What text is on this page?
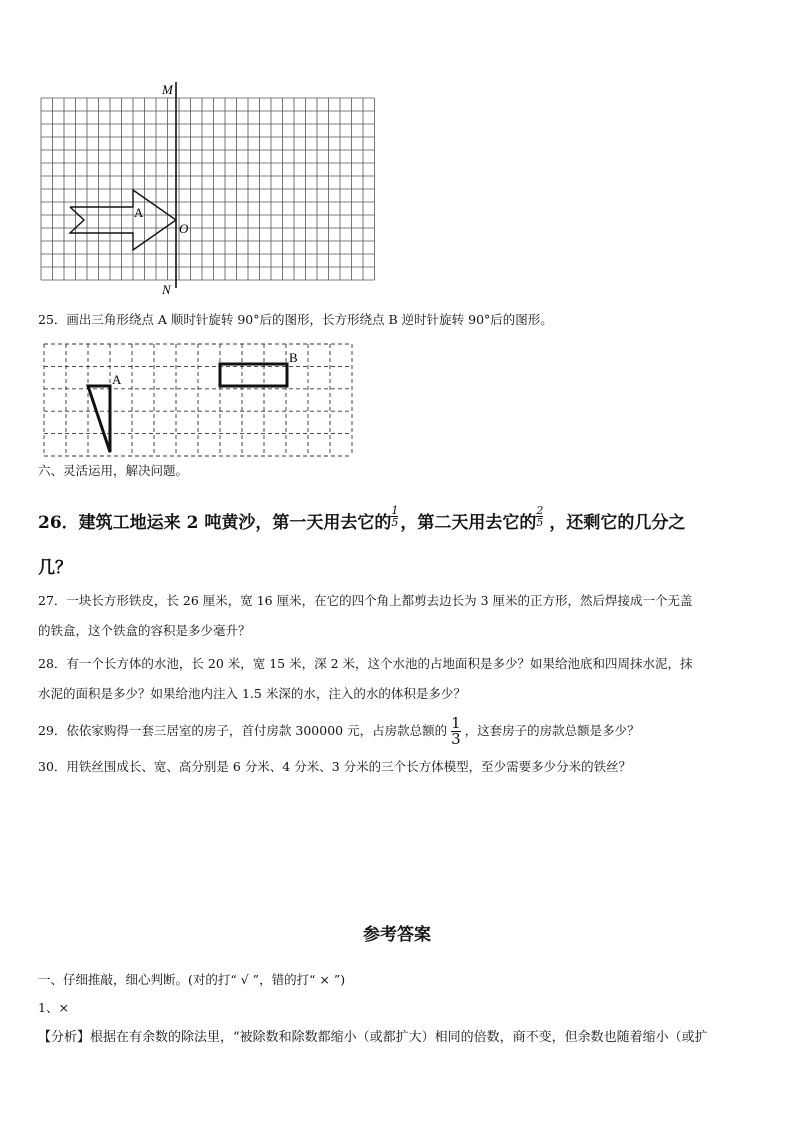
M
N
A
O
25．画出三角形绕点 A 顺时针旋转 90°后的图形，长方形绕点 B 逆时针旋转 90°后的图形。
A
B
六、灵活运用，解决问题。
26．建筑工地运来 2 吨黄沙，第一天用去它的 $\frac{1}{5}$ ，第二天用去它的 $\frac{2}{5}$ ，还剩它的几分之
几？
27．一块长方形铁皮，长 26 厘米，宽 16 厘米，在它的四个角上都剪去边长为 3 厘米的正方形，然后焊接成一个无盖
的铁盒，这个铁盒的容积是多少毫升？
28．有一个长方体的水池，长 20 米，宽 15 米，深 2 米，这个水池的占地面积是多少？如果给池底和四周抹水泥，抹
水泥的面积是多少？如果给池内注入 1.5 米深的水，注入的水的体积是多少？
29．依依家购得一套三居室的房子，首付房款 300000 元，占房款总额的 $\frac{1}{3}$ ，这套房子的房款总额是多少？
30．用铁丝围成长、宽、高分别是 6 分米、4 分米、3 分米的三个长方体模型，至少需要多少分米的铁丝？
参考答案
一、仔细推敲，细心判断。(对的打“ √ ”，错的打“ × ”)
1、×
【分析】根据在有余数的除法里，“被除数和除数都缩小（或都扩大）相同的倍数，商不变，但余数也随着缩小（或扩
